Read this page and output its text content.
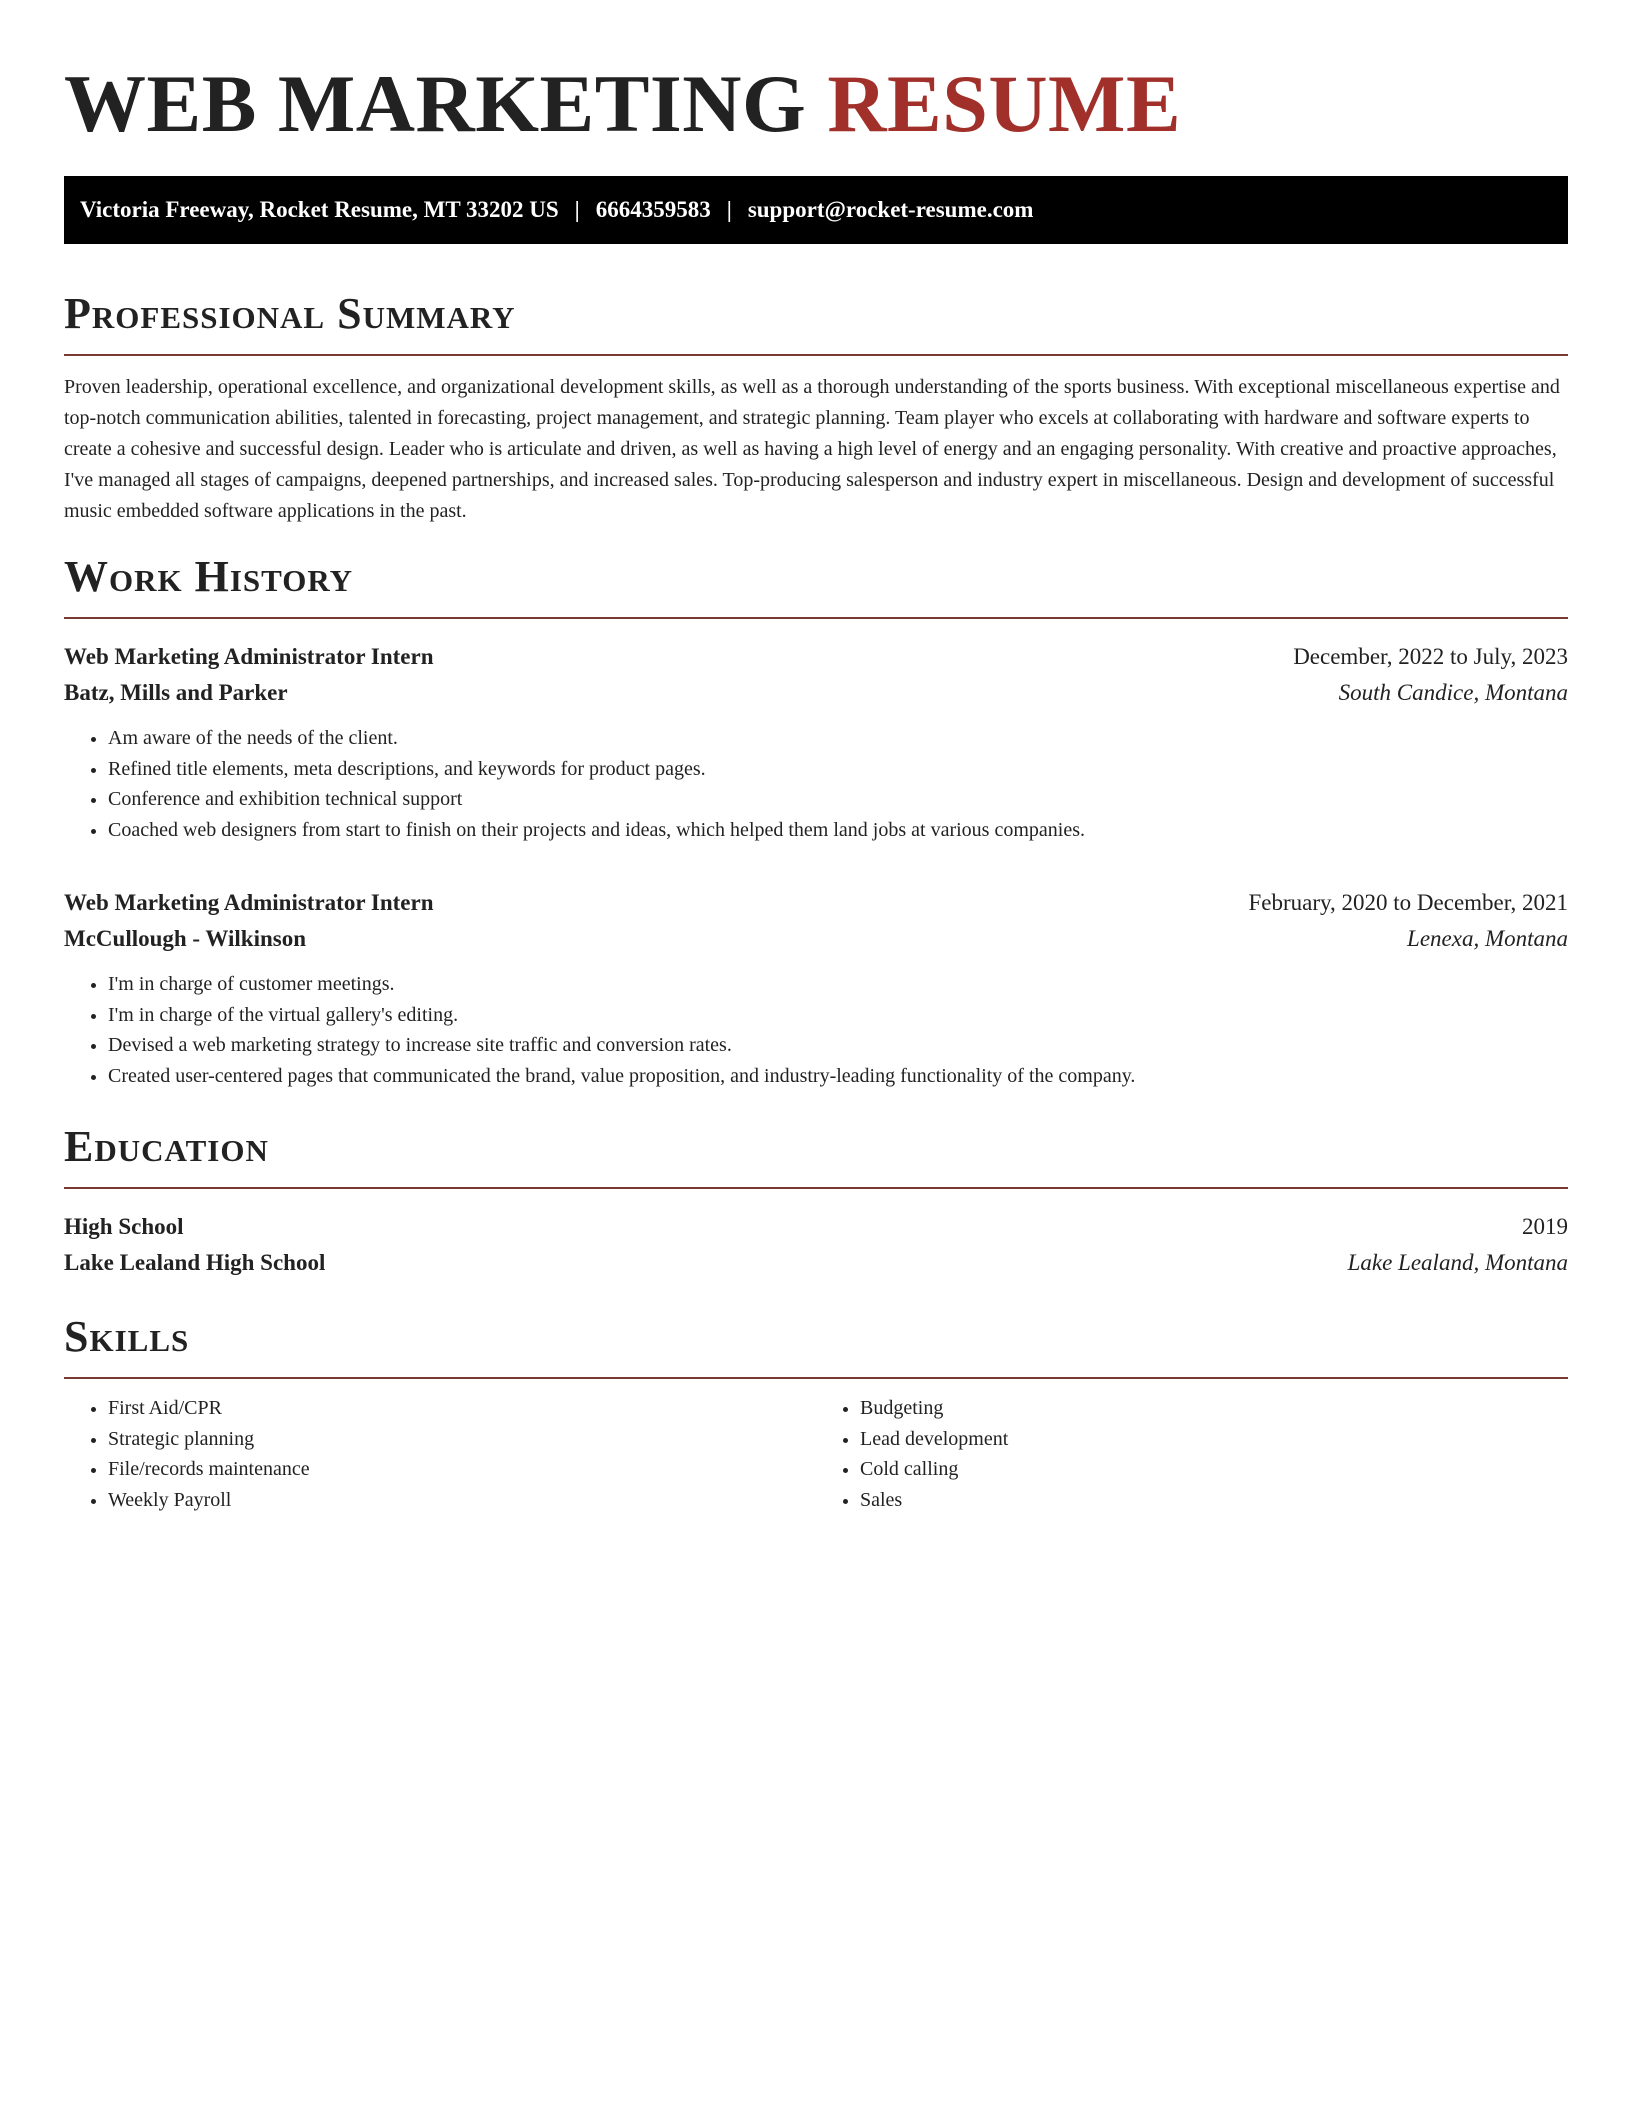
WEB MARKETING RESUME
Victoria Freeway, Rocket Resume, MT 33202 US | 6664359583 | support@rocket-resume.com
Professional Summary

Proven leadership, operational excellence, and organizational development skills, as well as a thorough understanding of the sports business. With exceptional miscellaneous expertise and top-notch communication abilities, talented in forecasting, project management, and strategic planning. Team player who excels at collaborating with hardware and software experts to create a cohesive and successful design. Leader who is articulate and driven, as well as having a high level of energy and an engaging personality. With creative and proactive approaches, I've managed all stages of campaigns, deepened partnerships, and increased sales. Top-producing salesperson and industry expert in miscellaneous. Design and development of successful music embedded software applications in the past.

Work History
Web Marketing Administrator Intern	December, 2022 to July, 2023
Batz, Mills and Parker	South Candice, Montana
• Am aware of the needs of the client.
• Refined title elements, meta descriptions, and keywords for product pages.
• Conference and exhibition technical support
• Coached web designers from start to finish on their projects and ideas, which helped them land jobs at various companies.
Web Marketing Administrator Intern	February, 2020 to December, 2021
McCullough - Wilkinson	Lenexa, Montana
• I'm in charge of customer meetings.
• I'm in charge of the virtual gallery's editing.
• Devised a web marketing strategy to increase site traffic and conversion rates.
• Created user-centered pages that communicated the brand, value proposition, and industry-leading functionality of the company.
Education
High School	2019
Lake Lealand High School	Lake Lealand, Montana
Skills
• First Aid/CPR
• Strategic planning
• File/records maintenance
• Weekly Payroll
• Budgeting
• Lead development
• Cold calling
• Sales
